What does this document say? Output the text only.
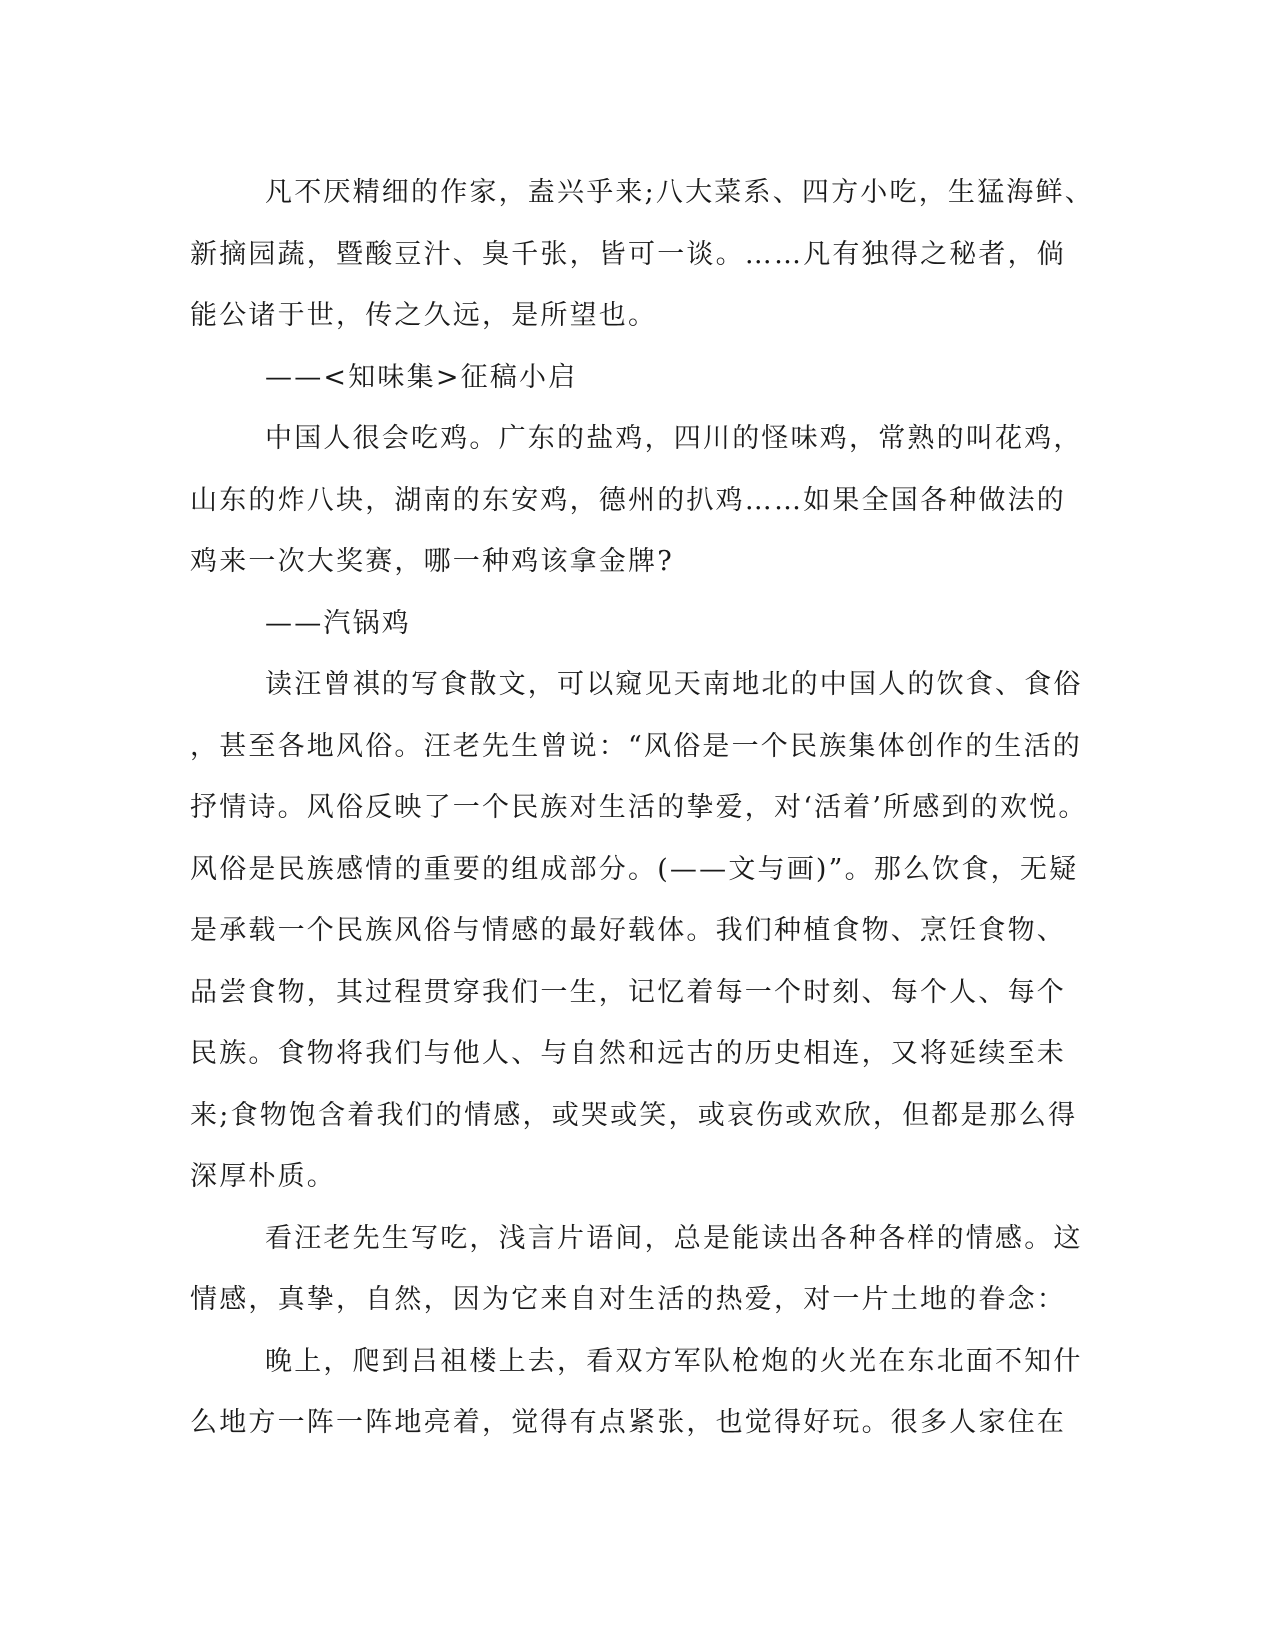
凡不厌精细的作家，盍兴乎来;八大菜系、四方小吃，生猛海鲜、
新摘园蔬，暨酸豆汁、臭千张，皆可一谈。……凡有独得之秘者，倘
能公诸于世，传之久远，是所望也。
——<知味集>征稿小启
中国人很会吃鸡。广东的盐鸡，四川的怪味鸡，常熟的叫花鸡，
山东的炸八块，湖南的东安鸡，德州的扒鸡……如果全国各种做法的
鸡来一次大奖赛，哪一种鸡该拿金牌?
——汽锅鸡
读汪曾祺的写食散文，可以窥见天南地北的中国人的饮食、食俗
，甚至各地风俗。汪老先生曾说：“风俗是一个民族集体创作的生活的
抒情诗。风俗反映了一个民族对生活的挚爱，对‘活着’所感到的欢悦。
风俗是民族感情的重要的组成部分。(——文与画)”。那么饮食，无疑
是承载一个民族风俗与情感的最好载体。我们种植食物、烹饪食物、
品尝食物，其过程贯穿我们一生，记忆着每一个时刻、每个人、每个
民族。食物将我们与他人、与自然和远古的历史相连，又将延续至未
来;食物饱含着我们的情感，或哭或笑，或哀伤或欢欣，但都是那么得
深厚朴质。
看汪老先生写吃，浅言片语间，总是能读出各种各样的情感。这
情感，真挚，自然，因为它来自对生活的热爱，对一片土地的眷念：
晚上，爬到吕祖楼上去，看双方军队枪炮的火光在东北面不知什
么地方一阵一阵地亮着，觉得有点紧张，也觉得好玩。很多人家住在
